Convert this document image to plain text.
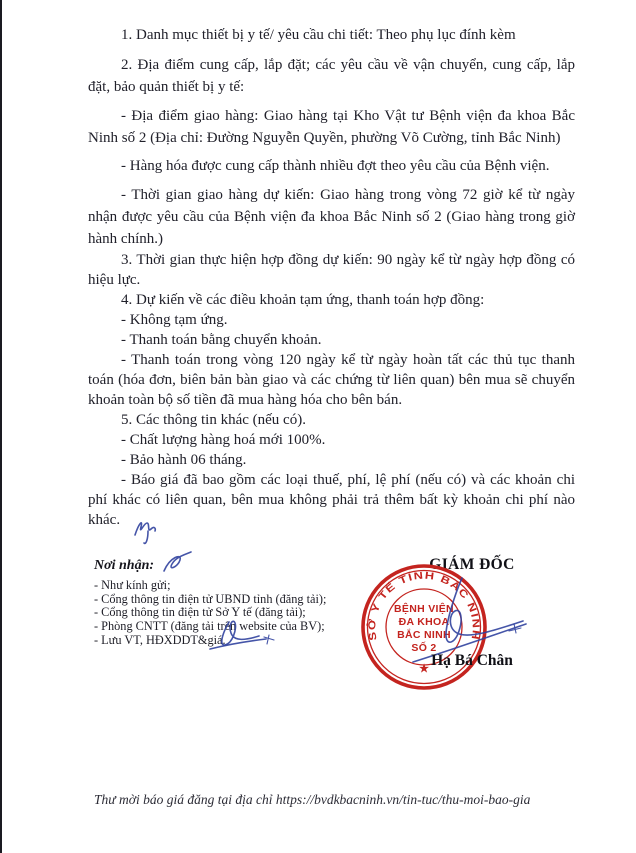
1. Danh mục thiết bị y tế/ yêu cầu chi tiết: Theo phụ lục đính kèm

2. Địa điểm cung cấp, lắp đặt; các yêu cầu về vận chuyển, cung cấp, lắp đặt, bảo quản thiết bị y tế:

- Địa điểm giao hàng: Giao hàng tại Kho Vật tư Bệnh viện đa khoa Bắc Ninh số 2 (Địa chỉ: Đường Nguyễn Quyền, phường Võ Cường, tỉnh Bắc Ninh)

- Hàng hóa được cung cấp thành nhiều đợt theo yêu cầu của Bệnh viện.

- Thời gian giao hàng dự kiến: Giao hàng trong vòng 72 giờ kể từ ngày nhận được yêu cầu của Bệnh viện đa khoa Bắc Ninh số 2 (Giao hàng trong giờ hành chính.)

3. Thời gian thực hiện hợp đồng dự kiến: 90 ngày kể từ ngày hợp đồng có hiệu lực.

4. Dự kiến về các điều khoản tạm ứng, thanh toán hợp đồng:

- Không tạm ứng.

- Thanh toán bằng chuyển khoản.

- Thanh toán trong vòng 120 ngày kể từ ngày hoàn tất các thủ tục thanh toán (hóa đơn, biên bản bàn giao và các chứng từ liên quan) bên mua sẽ chuyển khoản toàn bộ số tiền đã mua hàng hóa cho bên bán.

5. Các thông tin khác (nếu có).

- Chất lượng hàng hoá mới 100%.

- Bảo hành 06 tháng.

- Báo giá đã bao gồm các loại thuế, phí, lệ phí (nếu có) và các khoản chi phí khác có liên quan, bên mua không phải trả thêm bất kỳ khoản chi phí nào khác.

Nơi nhận:
- Như kính gửi;
- Cổng thông tin điện tử UBND tỉnh (đăng tải);
- Cổng thông tin điện tử Sở Y tế (đăng tải);
- Phòng CNTT (đăng tải trên website của BV);
- Lưu VT, HĐXDDT&giá.
GIÁM ĐỐC
SỞ Y TẾ TỈNH BẮC NINH
BỆNH VIỆN
ĐA KHOA
BẮC NINH
SỐ 2
★ Hạ Bá Chân
Thư mời báo giá đăng tại địa chỉ https://bvdkbacninh.vn/tin-tuc/thu-moi-bao-gia
